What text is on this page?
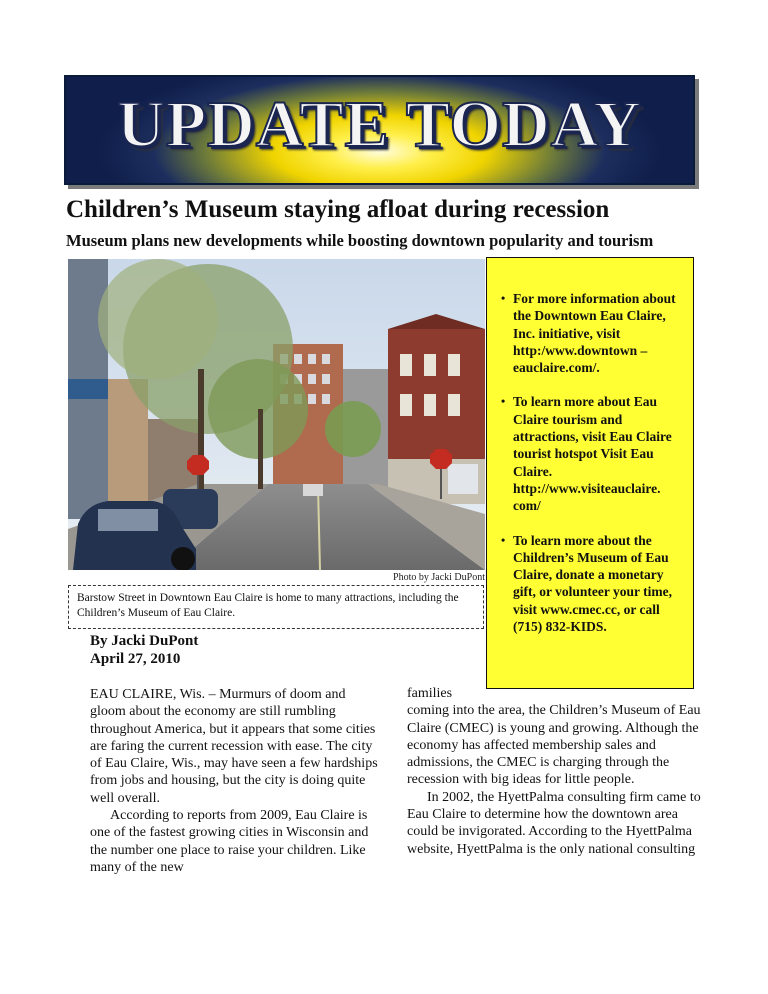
UPDATE TODAY
Children’s Museum staying afloat during recession
Museum plans new developments while boosting downtown popularity and tourism
Photo by Jacki DuPont
Barstow Street in Downtown Eau Claire is home to many attractions, including the Children’s Museum of Eau Claire.
• For more information about the Downtown Eau Claire, Inc. initiative, visit http:/www.downtown –eauclaire.com/.
• To learn more about Eau Claire tourism and attractions, visit Eau Claire tourist hotspot Visit Eau Claire. http://www.visiteauclaire. com/
• To learn more about the Children’s Museum of Eau Claire, donate a monetary gift, or volunteer your time, visit www.cmec.cc, or call (715) 832-KIDS.
By Jacki DuPont
April 27, 2010

EAU CLAIRE, Wis. – Murmurs of doom and gloom about the economy are still rumbling throughout America, but it appears that some cities are faring the current recession with ease. The city of Eau Claire, Wis., may have seen a few hardships from jobs and housing, but the city is doing quite well overall.

According to reports from 2009, Eau Claire is one of the fastest growing cities in Wisconsin and the number one place to raise your children. Like many of the new

families

coming into the area, the Children’s Museum of Eau Claire (CMEC) is young and growing. Although the economy has affected membership sales and admissions, the CMEC is charging through the recession with big ideas for little people.

In 2002, the HyettPalma consulting firm came to Eau Claire to determine how the downtown area could be invigorated. According to the HyettPalma website, HyettPalma is the only national consulting
